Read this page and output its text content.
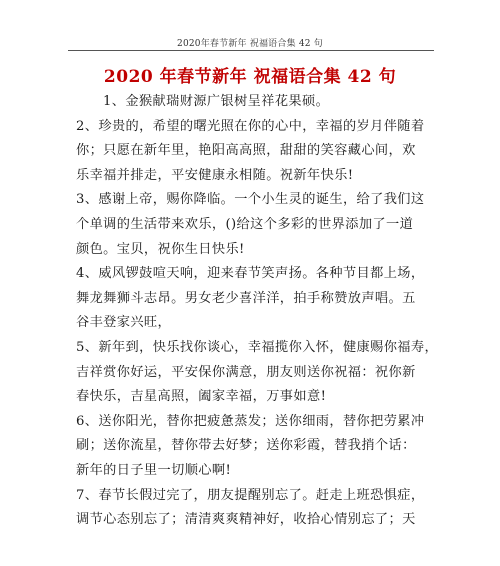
2020年春节新年 祝福语合集 42 句
2020 年春节新年 祝福语合集 42 句
1、金猴献瑞财源广银树呈祥花果硕。
2、珍贵的，希望的曙光照在你的心中，幸福的岁月伴随着
你；只愿在新年里，艳阳高高照，甜甜的笑容藏心间，欢
乐幸福并排走，平安健康永相随。祝新年快乐!
3、感谢上帝，赐你降临。一个小生灵的诞生，给了我们这
个单调的生活带来欢乐，()给这个多彩的世界添加了一道
颜色。宝贝，祝你生日快乐!
4、威风锣鼓喧天响，迎来春节笑声扬。各种节目都上场，
舞龙舞狮斗志昂。男女老少喜洋洋，拍手称赞放声唱。五
谷丰登家兴旺，
5、新年到，快乐找你谈心，幸福揽你入怀，健康赐你福寿，
吉祥赏你好运，平安保你满意，朋友则送你祝福：祝你新
春快乐，吉星高照，阖家幸福，万事如意!
6、送你阳光，替你把疲惫蒸发；送你细雨，替你把劳累冲
刷；送你流星，替你带去好梦；送你彩霞，替我捎个话：
新年的日子里一切顺心啊!
7、春节长假过完了，朋友提醒别忘了。赶走上班恐惧症，
调节心态别忘了；清清爽爽精神好，收拾心情别忘了；天
